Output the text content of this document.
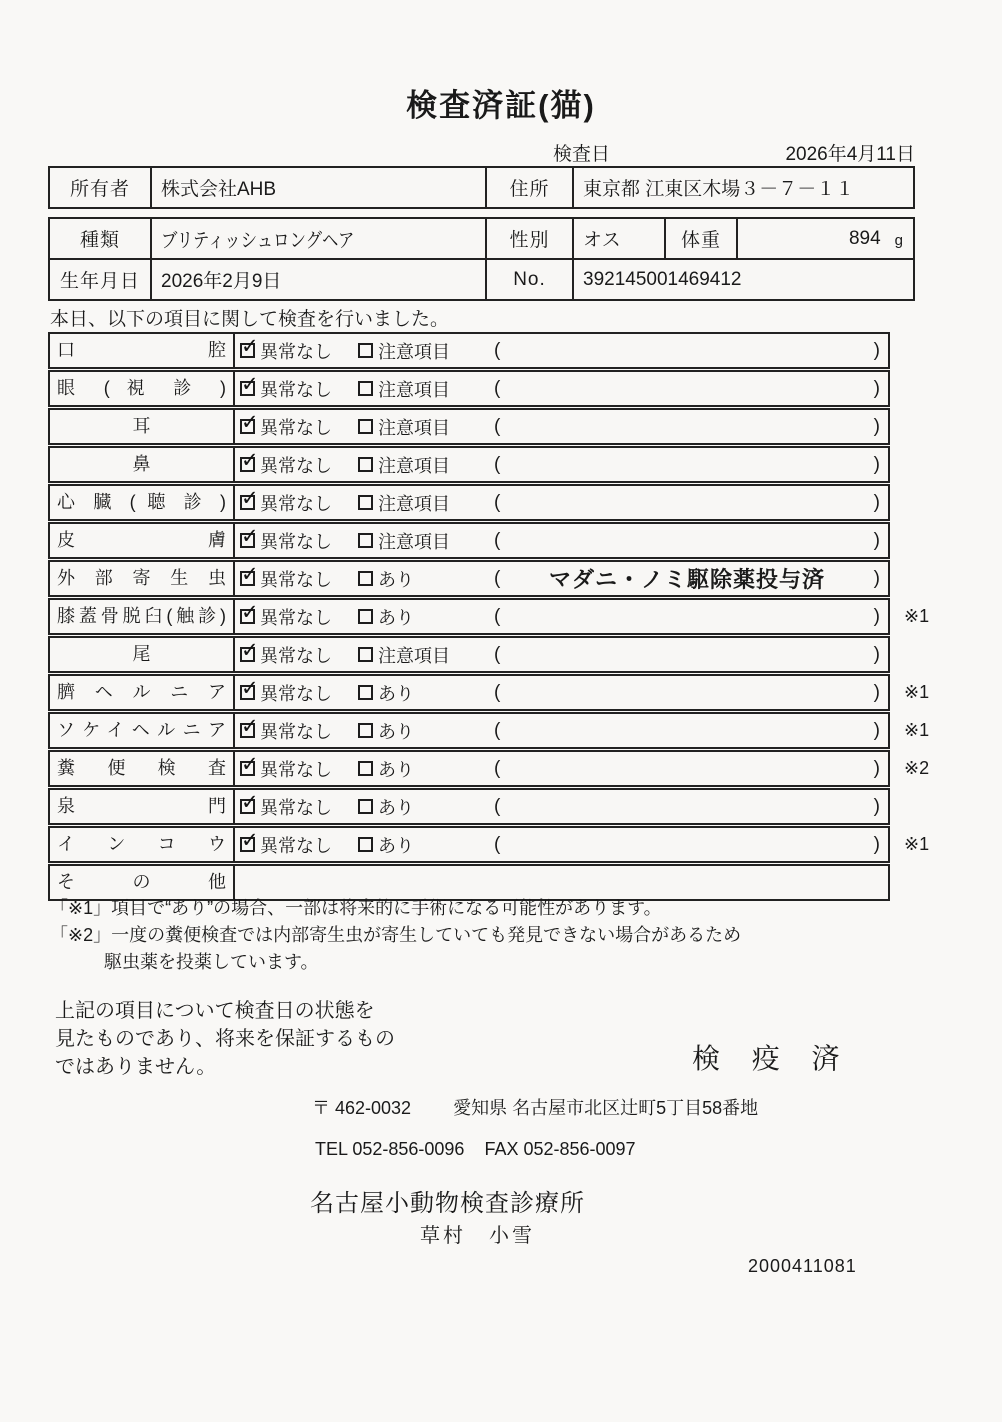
検査済証(猫)
検査日	2026年4月11日
所有者	株式会社AHB	住所	東京都 江東区木場３－７－１１
種類	ブリティッシュロングヘア	性別	オス	体重	894 g
生年月日	2026年2月9日	No.	392145001469412
本日、以下の項目に関して検査を行いました。
口 腔 ✓	異常なし	注意項目 (	)
眼 ( 視 診 ) ✓	異常なし	注意項目 (	)
耳 ✓	異常なし	注意項目 (	)
鼻 ✓	異常なし	注意項目 (	)
心 臓 ( 聴 診 ) ✓	異常なし	注意項目 (	)
皮 膚 ✓	異常なし	注意項目 (	)
外 部 寄 生 虫 ✓	異常なし	あり	(	マダニ・ノミ駆除薬投与済	)
膝蓋骨脱臼(触診) ✓	異常なし	あり	(	) ※1
尾 ✓	異常なし	注意項目 (	)
臍 ヘ ル ニ ア ✓	異常なし	あり	(	) ※1
ソケイヘルニア ✓	異常なし	あり	(	) ※1
糞 便 検 査 ✓	異常なし	あり	(	) ※2
泉 門 ✓	異常なし	あり	(	)
イ ン コ ウ ✓	異常なし	あり	(	) ※1
そ の 他
「※1」項目で“あり”の場合、一部は将来的に手術になる可能性があります。
「※2」一度の糞便検査では内部寄生虫が寄生していても発見できない場合があるため
駆虫薬を投薬しています。
上記の項目について検査日の状態を
見たものであり、将来を保証するもの
ではありません。	検 疫 済
〒 462-0032 愛知県 名古屋市北区辻町5丁目58番地
TEL 052-856-0096 FAX 052-856-0097
名古屋小動物検査診療所
草村　小雪
2000411081
